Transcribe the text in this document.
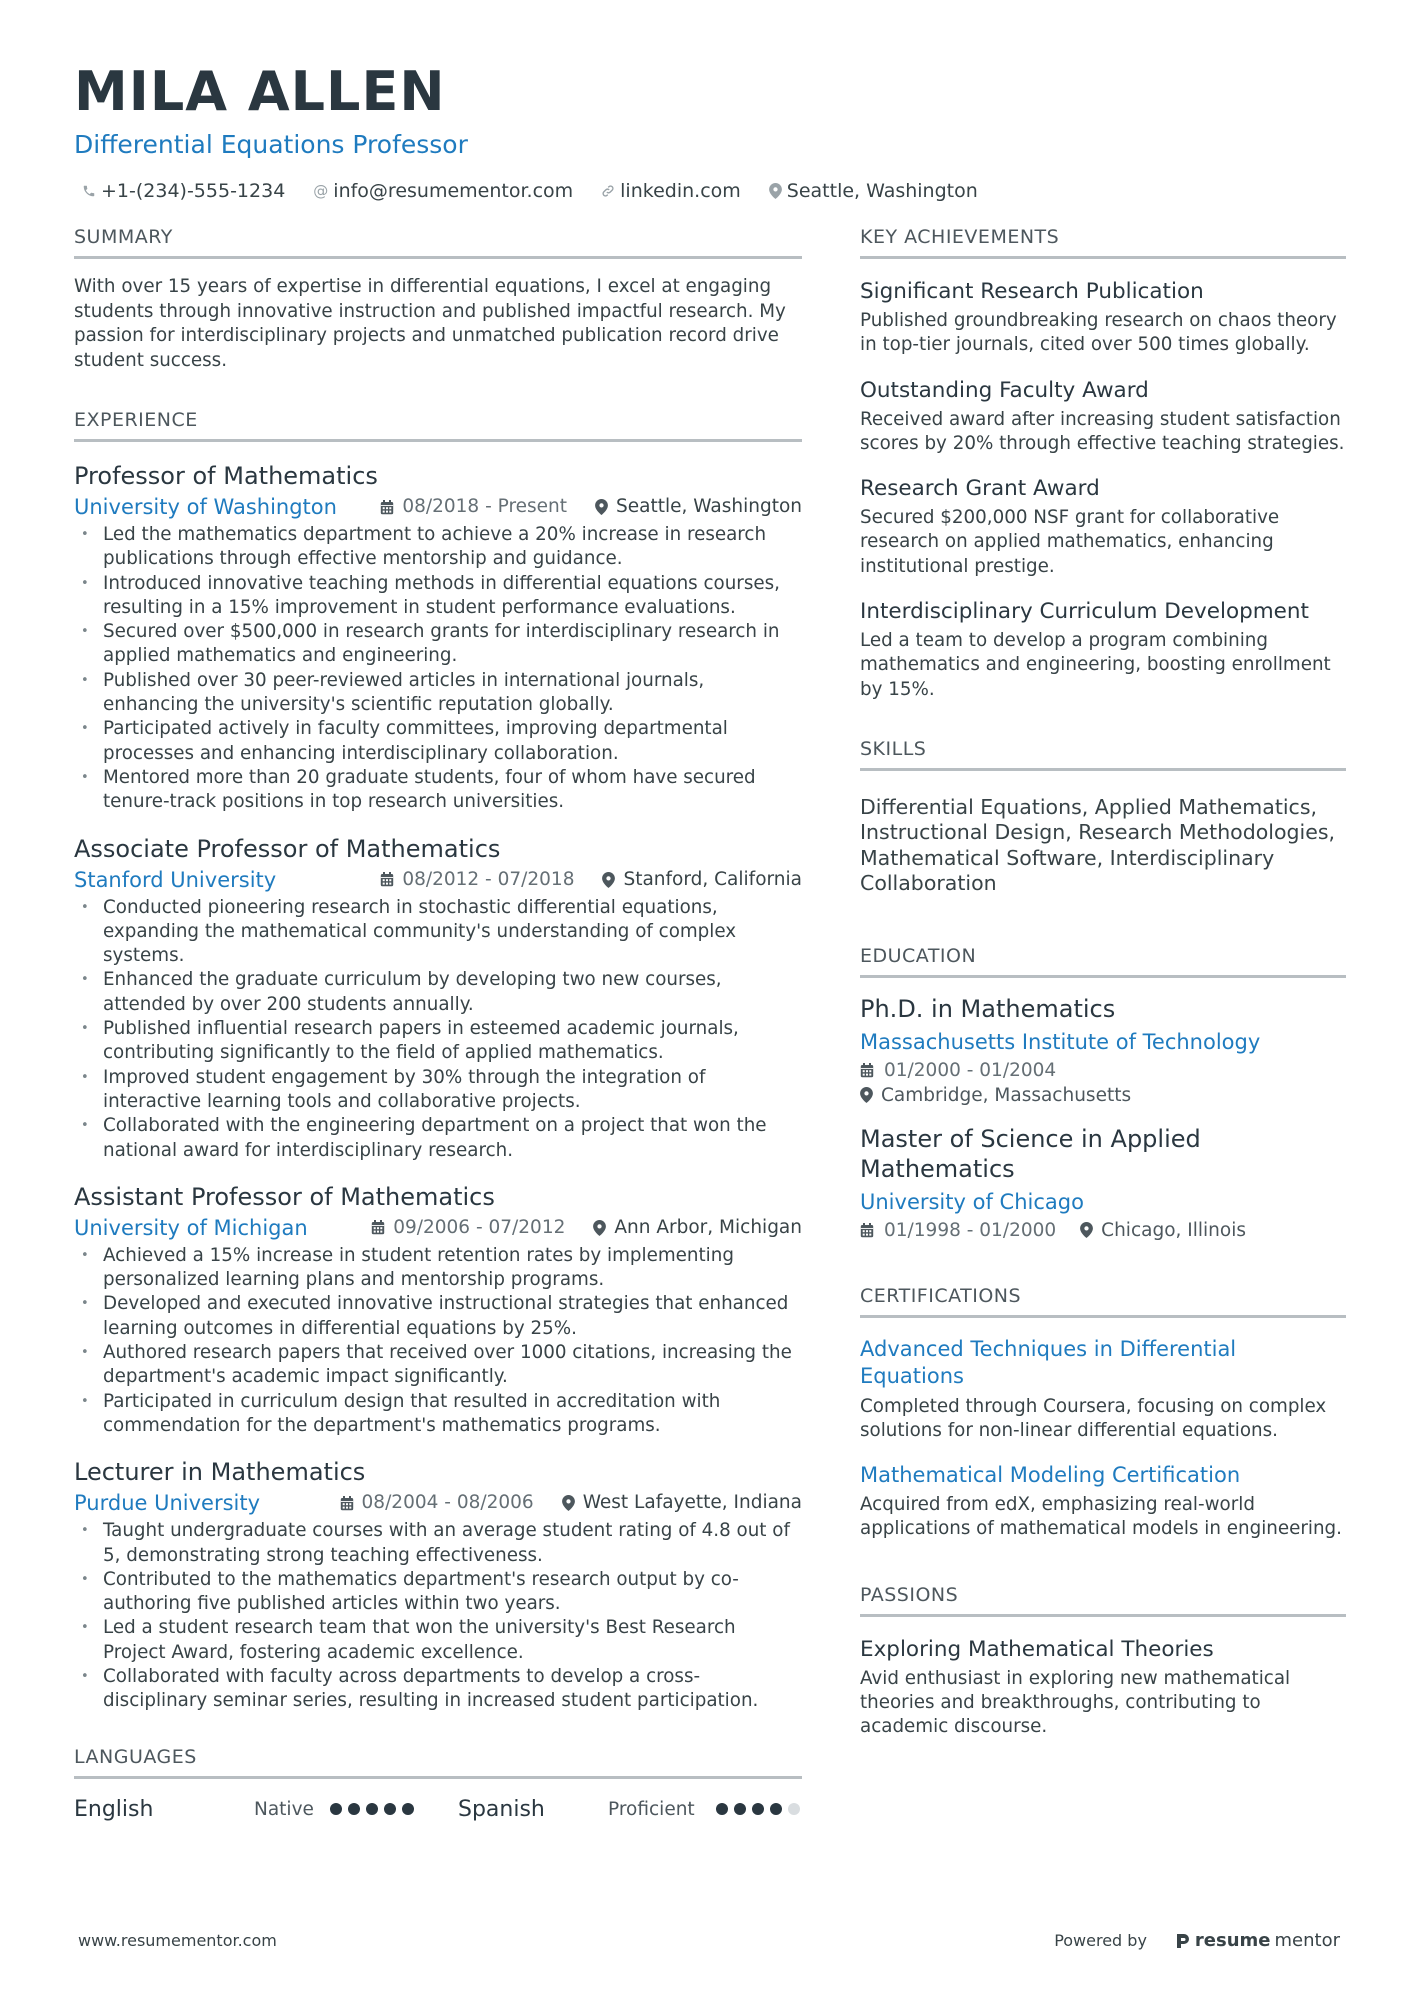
MILA ALLEN
Differential Equations Professor
+1-(234)-555-1234 @ info@resumementor.com linkedin.com Seattle, Washington
SUMMARY
With over 15 years of expertise in differential equations, I excel at engaging students through innovative instruction and published impactful research. My passion for interdisciplinary projects and unmatched publication record drive student success.
EXPERIENCE
Professor of Mathematics
University of Washington	08/2018 - Present	Seattle, Washington
• Led the mathematics department to achieve a 20% increase in research publications through effective mentorship and guidance.
• Introduced innovative teaching methods in differential equations courses, resulting in a 15% improvement in student performance evaluations.
• Secured over $500,000 in research grants for interdisciplinary research in applied mathematics and engineering.
• Published over 30 peer-reviewed articles in international journals, enhancing the university's scientific reputation globally.
• Participated actively in faculty committees, improving departmental processes and enhancing interdisciplinary collaboration.
• Mentored more than 20 graduate students, four of whom have secured tenure-track positions in top research universities.
Associate Professor of Mathematics
Stanford University	08/2012 - 07/2018	Stanford, California
• Conducted pioneering research in stochastic differential equations, expanding the mathematical community's understanding of complex systems.
• Enhanced the graduate curriculum by developing two new courses, attended by over 200 students annually.
• Published influential research papers in esteemed academic journals, contributing significantly to the field of applied mathematics.
• Improved student engagement by 30% through the integration of interactive learning tools and collaborative projects.
• Collaborated with the engineering department on a project that won the national award for interdisciplinary research.
Assistant Professor of Mathematics
University of Michigan	09/2006 - 07/2012	Ann Arbor, Michigan
• Achieved a 15% increase in student retention rates by implementing personalized learning plans and mentorship programs.
• Developed and executed innovative instructional strategies that enhanced learning outcomes in differential equations by 25%.
• Authored research papers that received over 1000 citations, increasing the department's academic impact significantly.
• Participated in curriculum design that resulted in accreditation with commendation for the department's mathematics programs.
Lecturer in Mathematics
Purdue University	08/2004 - 08/2006	West Lafayette, Indiana
• Taught undergraduate courses with an average student rating of 4.8 out of 5, demonstrating strong teaching effectiveness.
• Contributed to the mathematics department's research output by co-authoring five published articles within two years.
• Led a student research team that won the university's Best Research Project Award, fostering academic excellence.
• Collaborated with faculty across departments to develop a cross-disciplinary seminar series, resulting in increased student participation.
LANGUAGES
English	Native	Spanish	Proficient
KEY ACHIEVEMENTS
Significant Research Publication
Published groundbreaking research on chaos theory in top-tier journals, cited over 500 times globally.
Outstanding Faculty Award
Received award after increasing student satisfaction scores by 20% through effective teaching strategies.
Research Grant Award
Secured $200,000 NSF grant for collaborative research on applied mathematics, enhancing institutional prestige.
Interdisciplinary Curriculum Development
Led a team to develop a program combining mathematics and engineering, boosting enrollment by 15%.
SKILLS
Differential Equations, Applied Mathematics, Instructional Design, Research Methodologies, Mathematical Software, Interdisciplinary Collaboration
EDUCATION
Ph.D. in Mathematics
Massachusetts Institute of Technology
01/2000 - 01/2004
Cambridge, Massachusetts
Master of Science in Applied Mathematics
University of Chicago
01/1998 - 01/2000 Chicago, Illinois
CERTIFICATIONS
Advanced Techniques in Differential Equations
Completed through Coursera, focusing on complex solutions for non-linear differential equations.
Mathematical Modeling Certification
Acquired from edX, emphasizing real-world applications of mathematical models in engineering.
PASSIONS
Exploring Mathematical Theories
Avid enthusiast in exploring new mathematical theories and breakthroughs, contributing to academic discourse.
www.resumementor.com	Powered by	resume mentor
